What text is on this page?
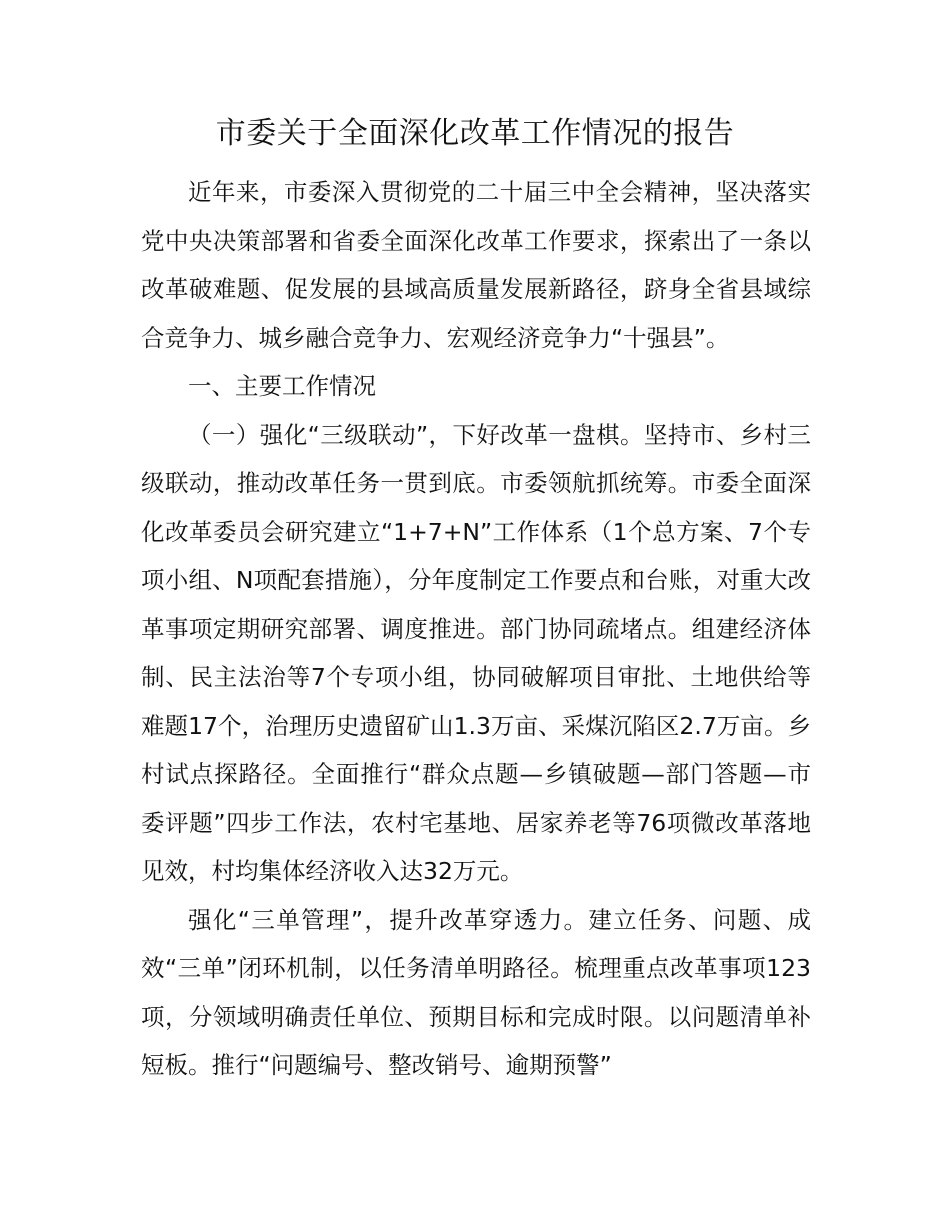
市委关于全面深化改革工作情况的报告

近年来，市委深入贯彻党的二十届三中全会精神，坚决落实党中央决策部署和省委全面深化改革工作要求，探索出了一条以改革破难题、促发展的县域高质量发展新路径，跻身全省县域综合竞争力、城乡融合竞争力、宏观经济竞争力“十强县”。

一、主要工作情况

（一）强化“三级联动”，下好改革一盘棋。坚持市、乡村三级联动，推动改革任务一贯到底。市委领航抓统筹。市委全面深化改革委员会研究建立“1+7+N”工作体系（1个总方案、7个专项小组、N项配套措施），分年度制定工作要点和台账，对重大改革事项定期研究部署、调度推进。部门协同疏堵点。组建经济体制、民主法治等7个专项小组，协同破解项目审批、土地供给等难题17个，治理历史遗留矿山1.3万亩、采煤沉陷区2.7万亩。乡村试点探路径。全面推行“群众点题—乡镇破题—部门答题—市委评题”四步工作法，农村宅基地、居家养老等76项微改革落地见效，村均集体经济收入达32万元。

强化“三单管理”，提升改革穿透力。建立任务、问题、成效“三单”闭环机制，以任务清单明路径。梳理重点改革事项123项，分领域明确责任单位、预期目标和完成时限。以问题清单补短板。推行“问题编号、整改销号、逾期预警”
